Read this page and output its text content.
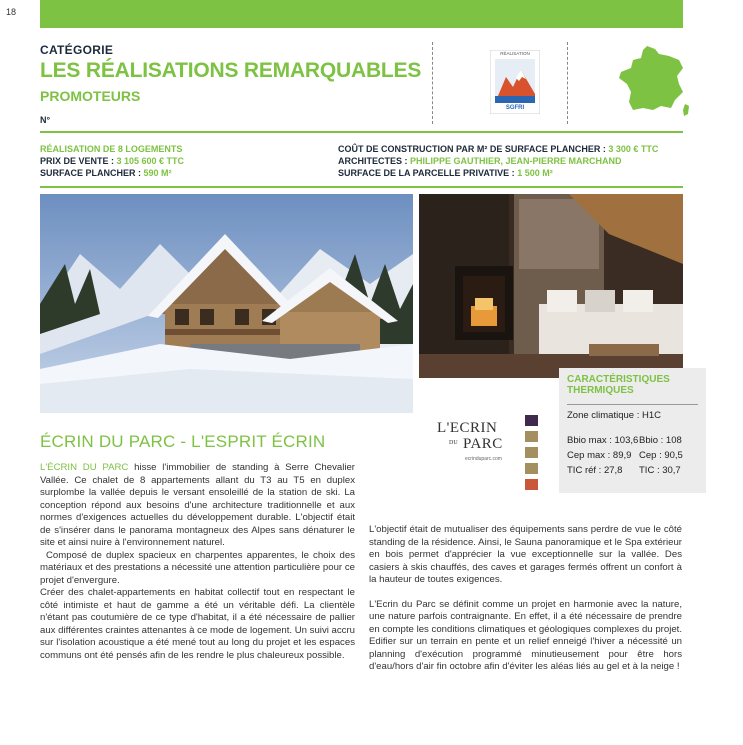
18
CATÉGORIE
LES RÉALISATIONS REMARQUABLES
PROMOTEURS
N°
RÉALISATION
SGFRI
RÉALISATION DE 8 LOGEMENTS
PRIX DE VENTE : 3 105 600 € TTC
SURFACE PLANCHER : 590 M²
COÛT DE CONSTRUCTION PAR M² DE SURFACE PLANCHER : 3 300 € TTC
ARCHITECTES : PHILIPPE GAUTHIER, JEAN-PIERRE MARCHAND
SURFACE DE LA PARCELLE PRIVATIVE : 1 500 M²
CARACTÉRISTIQUES
THERMIQUES
Zone climatique : H1C
Bbio max : 103,6 Bbio : 108
Cep max : 89,9 Cep : 90,5
TIC réf : 27,8 TIC : 30,7
L'ECRIN
DU PARC
ecrinduparc.com
ÉCRIN DU PARC - L'ESPRIT ÉCRIN

L'ÉCRIN DU PARC hisse l'immobilier de standing à Serre Chevalier Vallée. Ce chalet de 8 appartements allant du T3 au T5 en duplex surplombe la vallée depuis le versant ensoleillé de la station de ski. La conception répond aux besoins d'une architecture traditionnelle et aux normes d'exigences actuelles du développement durable. L'objectif était de s'insérer dans le panorama montagneux des Alpes sans dénaturer le site et ainsi nuire à l'environnement naturel.

Composé de duplex spacieux en charpentes apparentes, le choix des matériaux et des prestations a nécessité une attention particulière pour ce projet d'envergure.

Créer des chalet-appartements en habitat collectif tout en respectant le côté intimiste et haut de gamme a été un véritable défi. La clientèle n'étant pas coutumière de ce type d'habitat, il a été nécessaire de pallier aux différentes craintes attenantes à ce mode de logement. Un suivi accru sur l'isolation acoustique a été mené tout au long du projet et les espaces communs ont été pensés afin de les rendre le plus chaleureux possible.

L'objectif était de mutualiser des équipements sans perdre de vue le côté standing de la résidence. Ainsi, le Sauna panoramique et le Spa extérieur en bois permet d'apprécier la vue exceptionnelle sur la vallée. Des casiers à skis chauffés, des caves et garages fermés offrent un confort à la hauteur de toutes exigences.

L'Ecrin du Parc se définit comme un projet en harmonie avec la nature, une nature parfois contraignante. En effet, il a été nécessaire de prendre en compte les conditions climatiques et géologiques complexes du projet. Edifier sur un terrain en pente et un relief enneigé l'hiver a nécessité un planning d'exécution programmé minutieusement pour être hors d'eau/hors d'air fin octobre afin d'éviter les aléas liés au gel et à la neige !
